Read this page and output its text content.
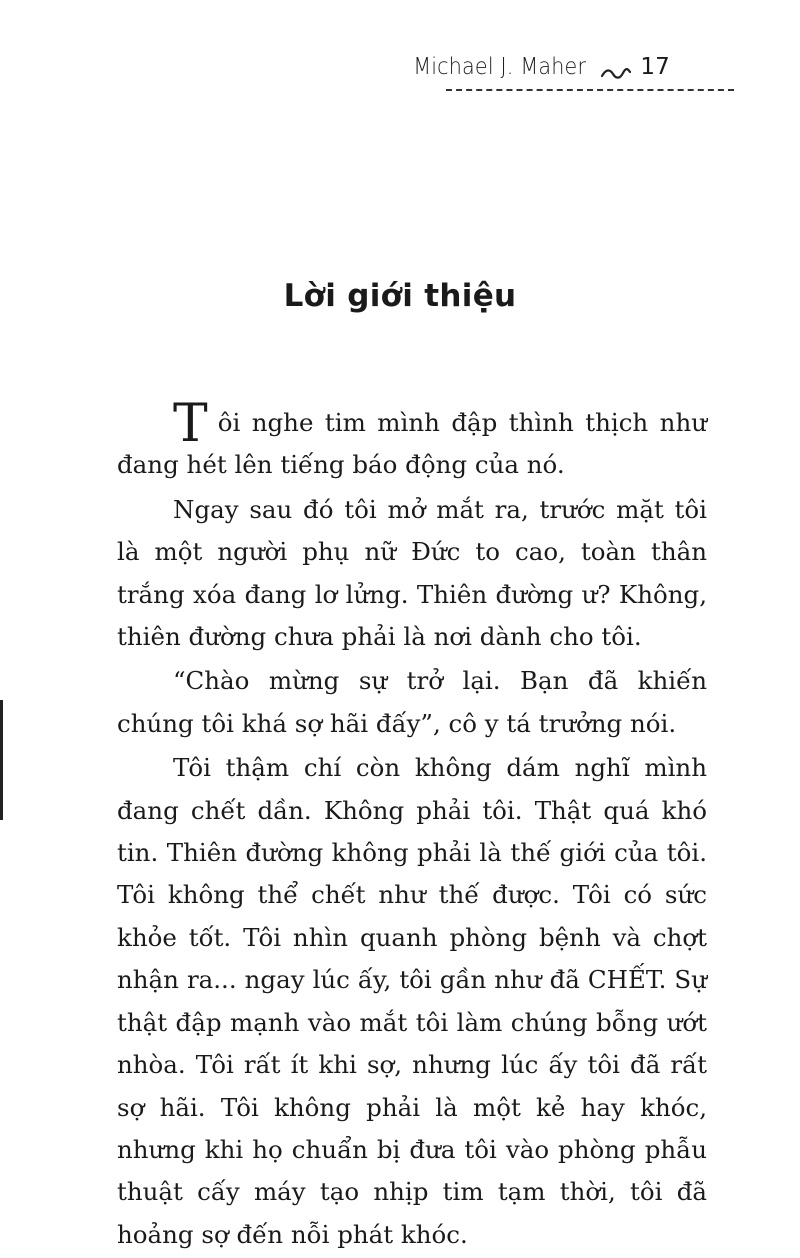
Michael J. Maher 17
Lời giới thiệu

Tôi nghe tim mình đập thình thịch như đang hét lên tiếng báo động của nó.

Ngay sau đó tôi mở mắt ra, trước mặt tôi là một người phụ nữ Đức to cao, toàn thân trắng xóa đang lơ lửng. Thiên đường ư? Không, thiên đường chưa phải là nơi dành cho tôi.

“Chào mừng sự trở lại. Bạn đã khiến chúng tôi khá sợ hãi đấy”, cô y tá trưởng nói.

Tôi thậm chí còn không dám nghĩ mình đang chết dần. Không phải tôi. Thật quá khó tin. Thiên đường không phải là thế giới của tôi. Tôi không thể chết như thế được. Tôi có sức khỏe tốt. Tôi nhìn quanh phòng bệnh và chợt nhận ra... ngay lúc ấy, tôi gần như đã CHẾT. Sự thật đập mạnh vào mắt tôi làm chúng bỗng ướt nhòa. Tôi rất ít khi sợ, nhưng lúc ấy tôi đã rất sợ hãi. Tôi không phải là một kẻ hay khóc, nhưng khi họ chuẩn bị đưa tôi vào phòng phẫu thuật cấy máy tạo nhịp tim tạm thời, tôi đã hoảng sợ đến nỗi phát khóc.
